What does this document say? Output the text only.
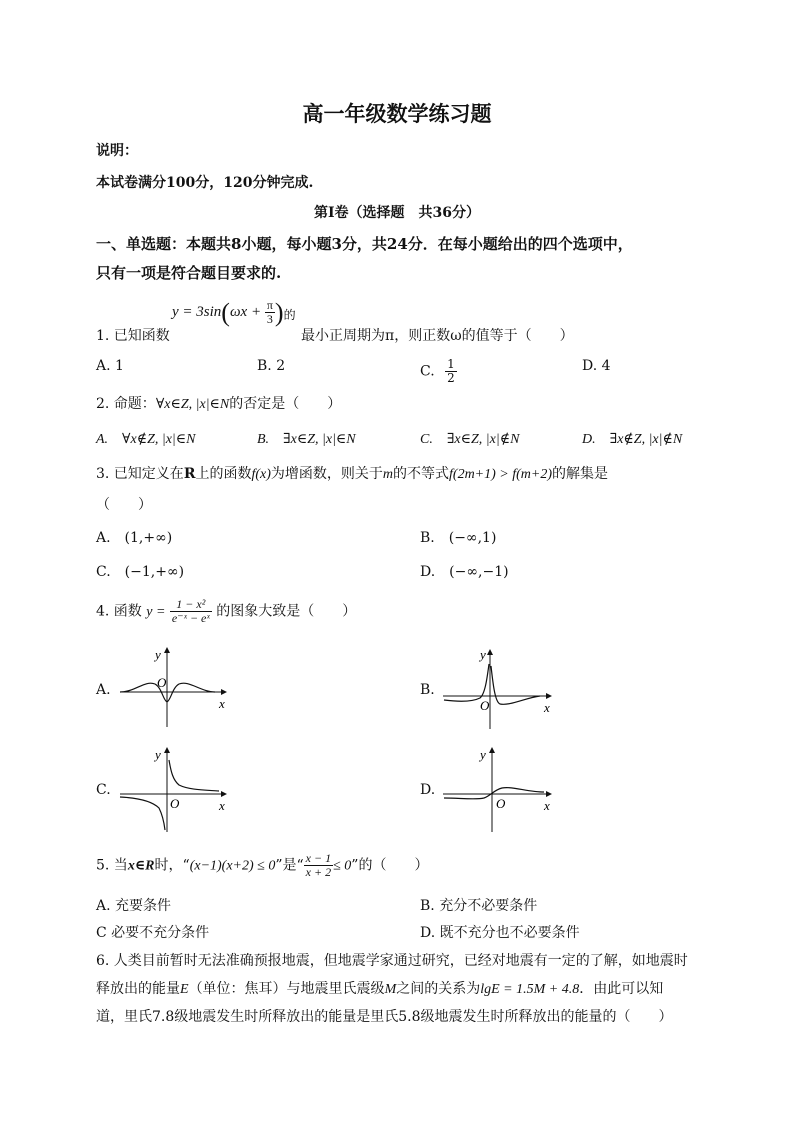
高一年级数学练习题
说明：
本试卷满分100分，120分钟完成.
第I卷（选择题　共36分）
一、单选题：本题共8小题，每小题3分，共24分．在每小题给出的四个选项中，
只有一项是符合题目要求的.
1. 已知函数
$y = 3\sin(\omega x + \frac{\pi}{3} )_的$
最小正周期为π，则正数ω的值等于（　　）
A. 1	B. 2	C. $\frac{1}{2}$	D. 4
2. 命题：∀x∈Z, |x|∈N的否定是（　　）
A.　∀x∉Z, |x|∈N	B.　∃x∈Z, |x|∈N	C.　∃x∈Z, |x|∉N	D.　∃x∉Z, |x|∉N
3. 已知定义在R上的函数f(x)为增函数，则关于m的不等式f(2m+1) > f(m+2)的解集是
（　　）
A.　(1,+∞)	B.　(−∞,1)
C.　(−1,+∞)	D.　(−∞,−1)
4. 函数 $y = \frac{\text{1 − x²}}{\text{e⁻ˣ − eˣ}}$ 的图象大致是（　　）
A.	B.
C.	D.
y
x
O
y
x
O
y
x
O
y
x
O
5. 当x∈R时，“(x−1)(x+2) ≤ 0”是“ $\frac{x - 1}{x + 2} \le 0$”的（　　）
A. 充要条件	B. 充分不必要条件
C 必要不充分条件	D. 既不充分也不必要条件
6. 人类目前暂时无法准确预报地震，但地震学家通过研究，已经对地震有一定的了解，如地震时
释放出的能量E（单位：焦耳）与地震里氏震级M之间的关系为lgE = 1.5M + 4.8．由此可以知
道，里氏7.8级地震发生时所释放出的能量是里氏5.8级地震发生时所释放出的能量的（　　）
